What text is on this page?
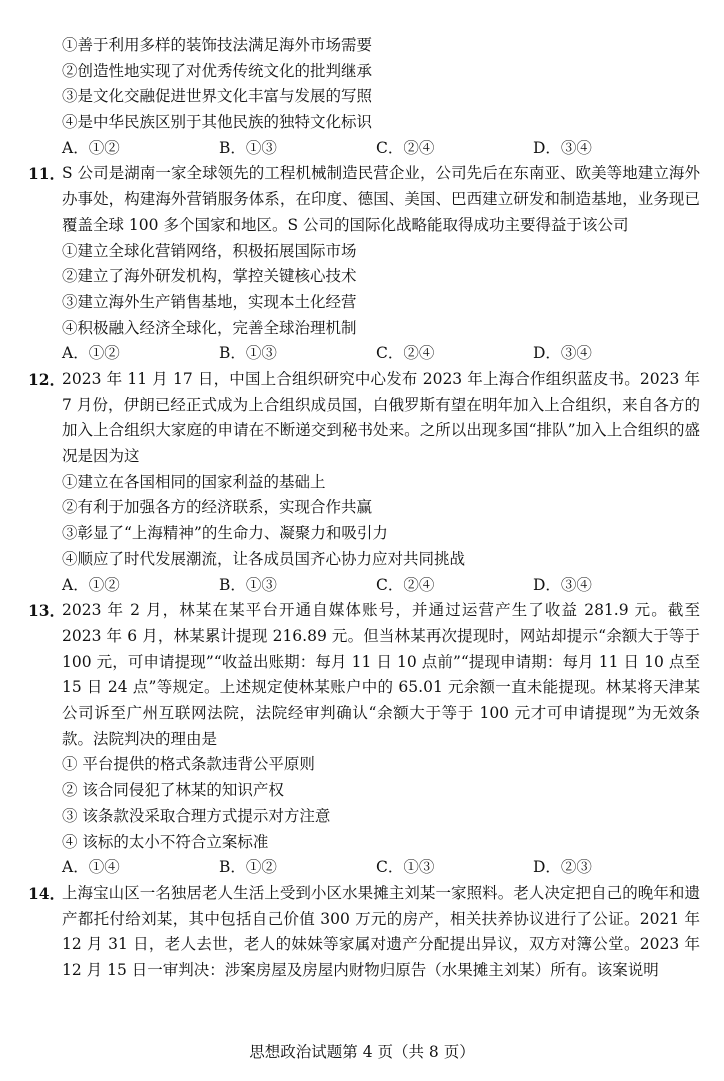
①善于利用多样的装饰技法满足海外市场需要
②创造性地实现了对优秀传统文化的批判继承
③是文化交融促进世界文化丰富与发展的写照
④是中华民族区别于其他民族的独特文化标识
A．①②	B．①③	C．②④	D．③④
11．
S 公司是湖南一家全球领先的工程机械制造民营企业，公司先后在东南亚、欧美等地建立海外办事处，构建海外营销服务体系，在印度、德国、美国、巴西建立研发和制造基地，业务现已覆盖全球 100 多个国家和地区。S 公司的国际化战略能取得成功主要得益于该公司
①建立全球化营销网络，积极拓展国际市场
②建立了海外研发机构，掌控关键核心技术
③建立海外生产销售基地，实现本土化经营
④积极融入经济全球化，完善全球治理机制
A．①②	B．①③	C．②④	D．③④
12．
2023 年 11 月 17 日，中国上合组织研究中心发布 2023 年上海合作组织蓝皮书。2023 年 7 月份，伊朗已经正式成为上合组织成员国，白俄罗斯有望在明年加入上合组织，来自各方的加入上合组织大家庭的申请在不断递交到秘书处来。之所以出现多国“排队”加入上合组织的盛况是因为这
①建立在各国相同的国家利益的基础上
②有利于加强各方的经济联系，实现合作共赢
③彰显了“上海精神”的生命力、凝聚力和吸引力
④顺应了时代发展潮流，让各成员国齐心协力应对共同挑战
A．①②	B．①③	C．②④	D．③④
13．
2023 年 2 月，林某在某平台开通自媒体账号，并通过运营产生了收益 281.9 元。截至 2023 年 6 月，林某累计提现 216.89 元。但当林某再次提现时，网站却提示“余额大于等于 100 元，可申请提现”“收益出账期：每月 11 日 10 点前”“提现申请期：每月 11 日 10 点至 15 日 24 点”等规定。上述规定使林某账户中的 65.01 元余额一直未能提现。林某将天津某公司诉至广州互联网法院，法院经审判确认“余额大于等于 100 元才可申请提现”为无效条款。法院判决的理由是
① 平台提供的格式条款违背公平原则
② 该合同侵犯了林某的知识产权
③ 该条款没采取合理方式提示对方注意
④ 该标的太小不符合立案标准
A．①④	B．①②	C．①③	D．②③
14．
上海宝山区一名独居老人生活上受到小区水果摊主刘某一家照料。老人决定把自己的晚年和遗产都托付给刘某，其中包括自己价值 300 万元的房产，相关扶养协议进行了公证。2021 年 12 月 31 日，老人去世，老人的妹妹等家属对遗产分配提出异议，双方对簿公堂。2023 年 12 月 15 日一审判决：涉案房屋及房屋内财物归原告（水果摊主刘某）所有。该案说明
思想政治试题第 4 页（共 8 页）
